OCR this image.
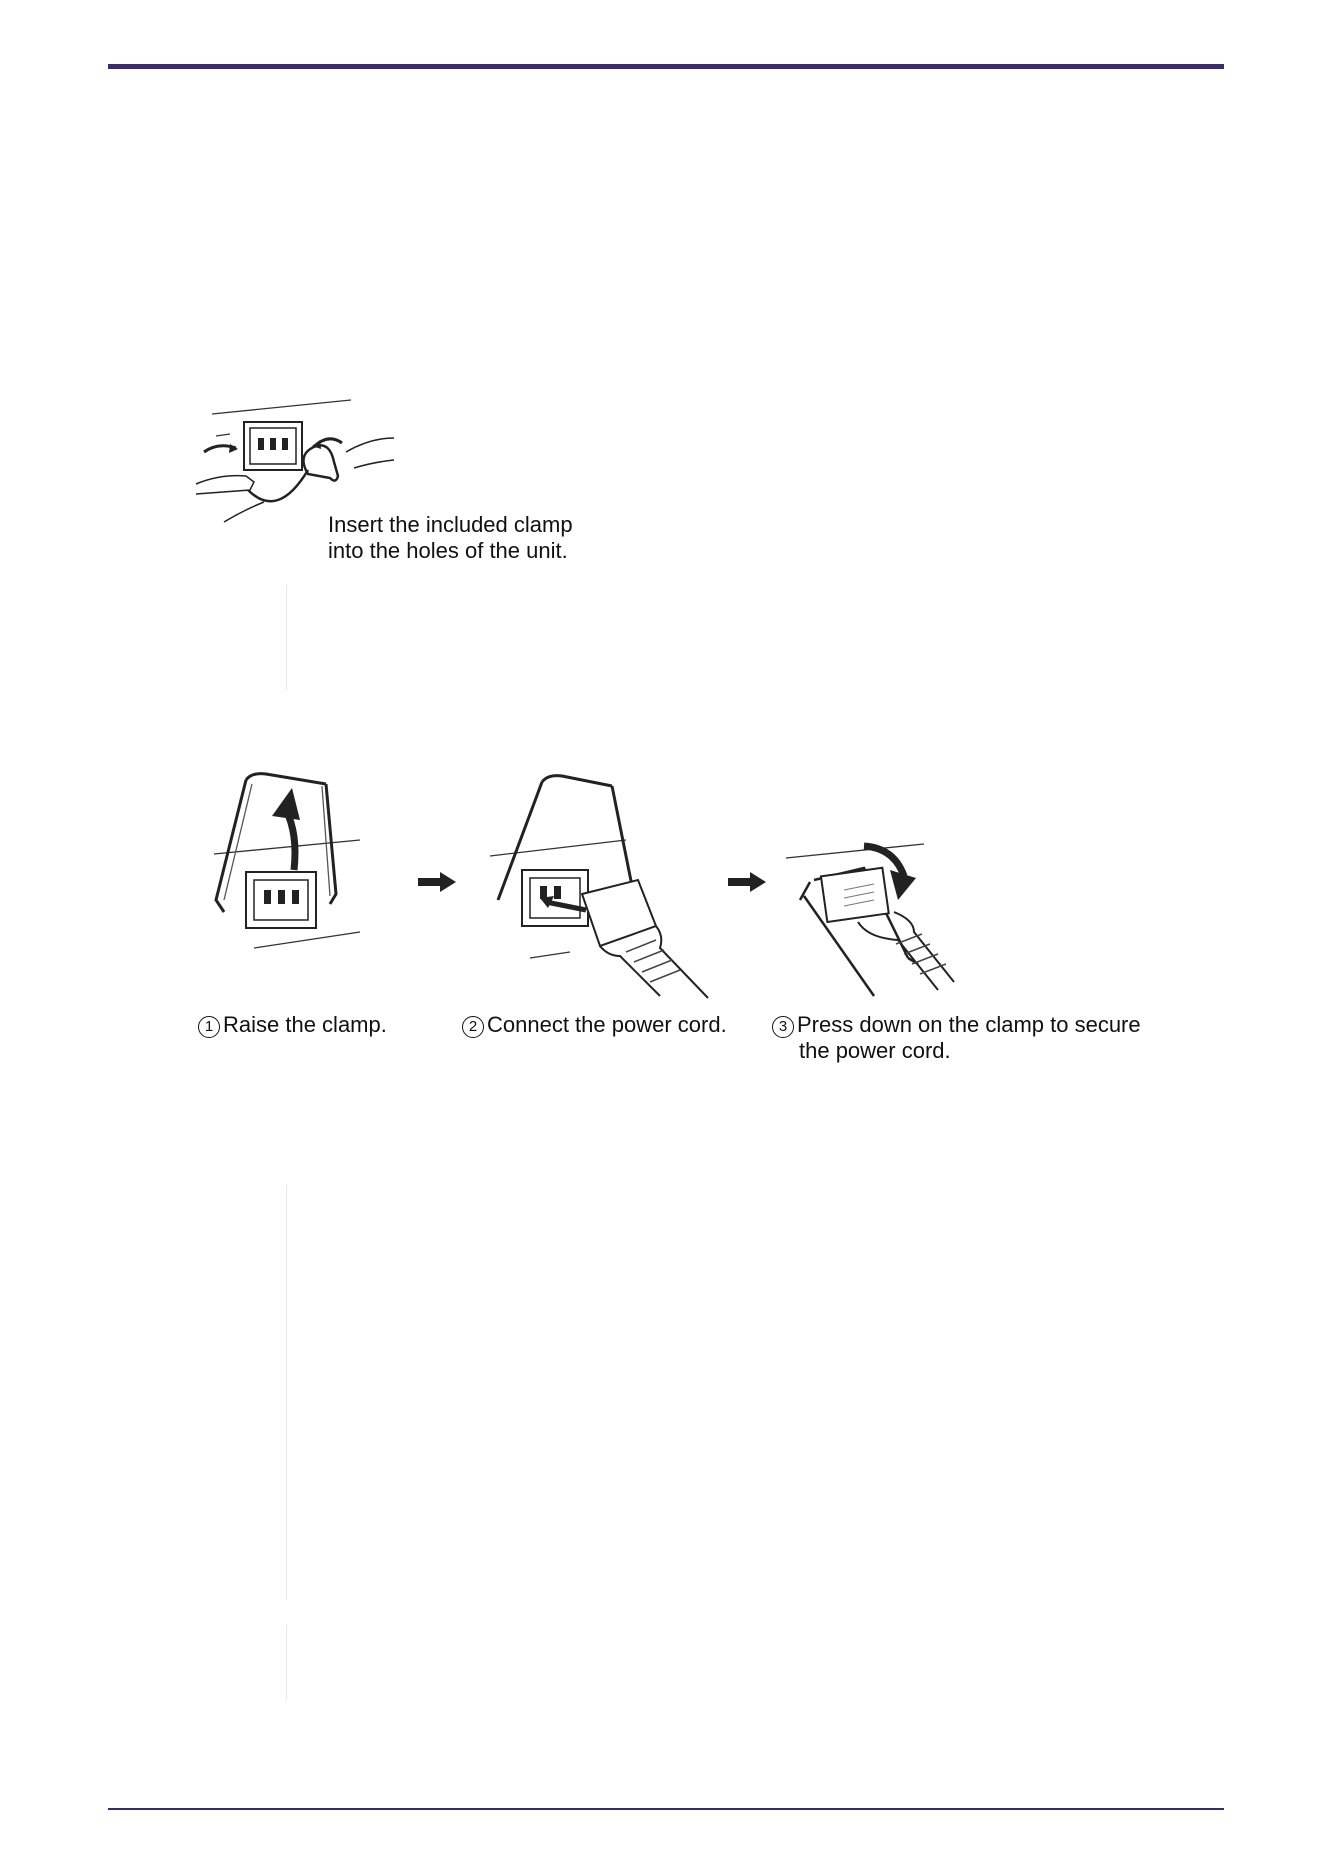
Insert the included clamp
into the holes of the unit.
1 Raise the clamp.	2 Connect the power cord.	3 Press down on the clamp to secure
the power cord.
